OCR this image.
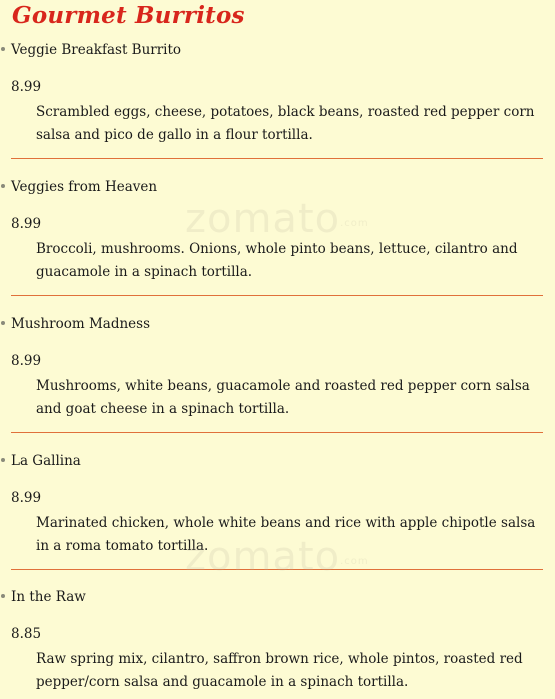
Gourmet Burritos
Veggie Breakfast Burrito
8.99
Scrambled eggs, cheese, potatoes, black beans, roasted red pepper corn salsa and pico de gallo in a flour tortilla.
Veggies from Heaven
8.99
Broccoli, mushrooms. Onions, whole pinto beans, lettuce, cilantro and guacamole in a spinach tortilla.
Mushroom Madness
8.99
Mushrooms, white beans, guacamole and roasted red pepper corn salsa and goat cheese in a spinach tortilla.
La Gallina
8.99
Marinated chicken, whole white beans and rice with apple chipotle salsa in a roma tomato tortilla.
In the Raw
8.85
Raw spring mix, cilantro, saffron brown rice, whole pintos, roasted red pepper/corn salsa and guacamole in a spinach tortilla.
zomato.com
zomato.com
